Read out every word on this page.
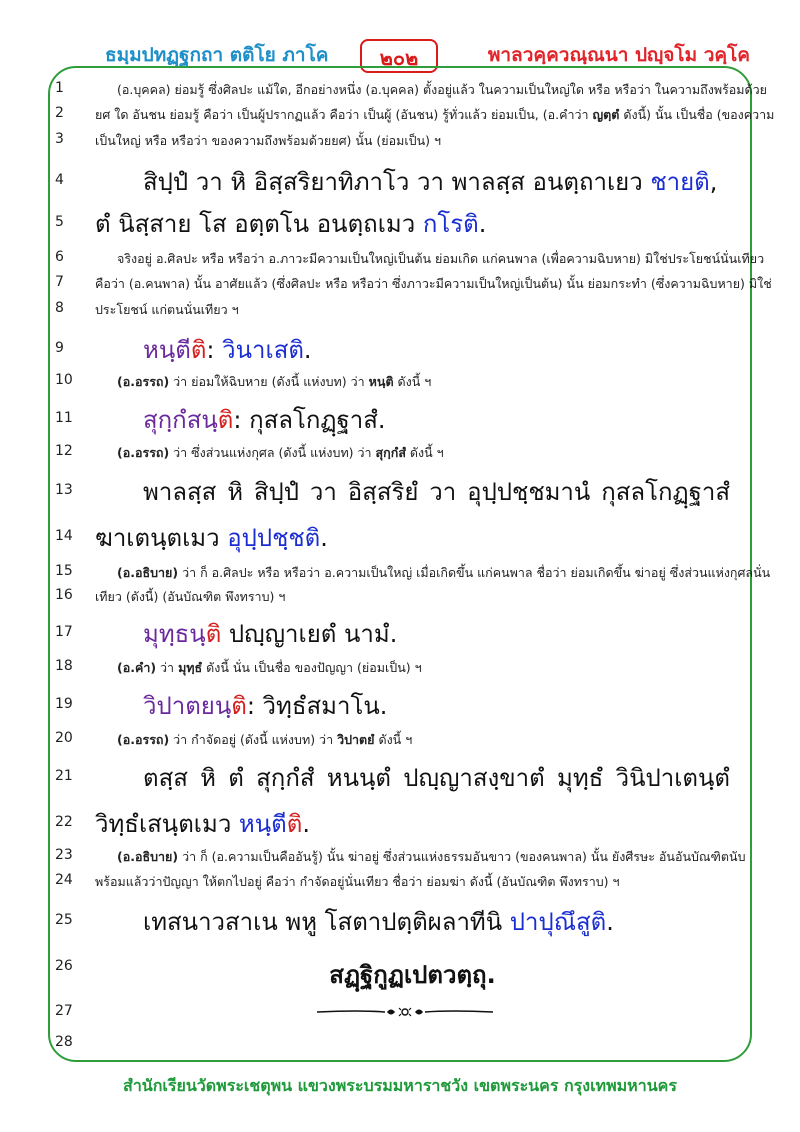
ธมฺมปทฏฺฐกถา ตติโย ภาโค	๒๐๒	พาลวคฺควณฺณนา ปญฺจโม วคฺโค
1
2
3
4
5
6
7
8
9
10
11
12
13
14
15
16
17
18
19
20
21
22
23
24
25
26
27
28
(อ.บุคคล) ย่อมรู้ ซึ่งศิลปะ แม้ใด, อีกอย่างหนึ่ง (อ.บุคคล) ตั้งอยู่แล้ว ในความเป็นใหญ่ใด หรือ หรือว่า ในความถึงพร้อมด้วย
ยศ ใด อันชน ย่อมรู้ คือว่า เป็นผู้ปรากฏแล้ว คือว่า เป็นผู้ (อันชน) รู้ทั่วแล้ว ย่อมเป็น, (อ.คำว่า ญตฺตํ ดังนี้) นั้น เป็นชื่อ (ของความ
เป็นใหญ่ หรือ หรือว่า ของความถึงพร้อมด้วยยศ) นั้น (ย่อมเป็น) ฯ
สิปฺปํ วา หิ อิสฺสริยาทิภาโว วา พาลสฺส อนตฺถาเยว ชายติ,
ตํ นิสฺสาย โส อตฺตโน อนตฺถเมว กโรติ.
จริงอยู่ อ.ศิลปะ หรือ หรือว่า อ.ภาวะมีความเป็นใหญ่เป็นต้น ย่อมเกิด แก่คนพาล (เพื่อความฉิบหาย) มิใช่ประโยชน์นั่นเทียว
คือว่า (อ.คนพาล) นั้น อาศัยแล้ว (ซึ่งศิลปะ หรือ หรือว่า ซึ่งภาวะมีความเป็นใหญ่เป็นต้น) นั้น ย่อมกระทำ (ซึ่งความฉิบหาย) มิใช่
ประโยชน์ แก่ตนนั่นเทียว ฯ
หนฺตีติ: วินาเสติ.
(อ.อรรถ) ว่า ย่อมให้ฉิบหาย (ดังนี้ แห่งบท) ว่า หนฺติ ดังนี้ ฯ
สุกฺกํสนฺติ: กุสลโกฏฺฐาสํ.
(อ.อรรถ) ว่า ซึ่งส่วนแห่งกุศล (ดังนี้ แห่งบท) ว่า สุกฺกํสํ ดังนี้ ฯ
พาลสฺส หิ สิปฺปํ วา อิสฺสริยํ วา อุปฺปชฺชมานํ กุสลโกฏฺฐาสํ
ฆาเตนฺตเมว อุปฺปชฺชติ.
(อ.อธิบาย) ว่า ก็ อ.ศิลปะ หรือ หรือว่า อ.ความเป็นใหญ่ เมื่อเกิดขึ้น แก่คนพาล ชื่อว่า ย่อมเกิดขึ้น ฆ่าอยู่ ซึ่งส่วนแห่งกุศลนั่น
เทียว (ดังนี้) (อันบัณฑิต พึงทราบ) ฯ
มุทฺธนฺติ ปญฺญาเยตํ นามํ.
(อ.คำ) ว่า มุทฺธํ ดังนี้ นั่น เป็นชื่อ ของปัญญา (ย่อมเป็น) ฯ
วิปาตยนฺติ: วิทฺธํสมาโน.
(อ.อรรถ) ว่า กำจัดอยู่ (ดังนี้ แห่งบท) ว่า วิปาตยํ ดังนี้ ฯ
ตสฺส หิ ตํ สุกฺกํสํ หนนฺตํ ปญฺญาสงฺขาตํ มุทฺธํ วินิปาเตนฺตํ
วิทฺธํเสนฺตเมว หนฺตีติ.
(อ.อธิบาย) ว่า ก็ (อ.ความเป็นคืออันรู้) นั้น ฆ่าอยู่ ซึ่งส่วนแห่งธรรมอันขาว (ของคนพาล) นั้น ยังศีรษะ อันอันบัณฑิตนับ
พร้อมแล้วว่าปัญญา ให้ตกไปอยู่ คือว่า กำจัดอยู่นั่นเทียว ชื่อว่า ย่อมฆ่า ดังนี้ (อันบัณฑิต พึงทราบ) ฯ
เทสนาวสาเน พหู โสตาปตฺติผลาทีนิ ปาปุณึสูติ.
สฏฺฐิกูฏเปตวตฺถุ.
สำนักเรียนวัดพระเชตุพน แขวงพระบรมมหาราชวัง เขตพระนคร กรุงเทพมหานคร
